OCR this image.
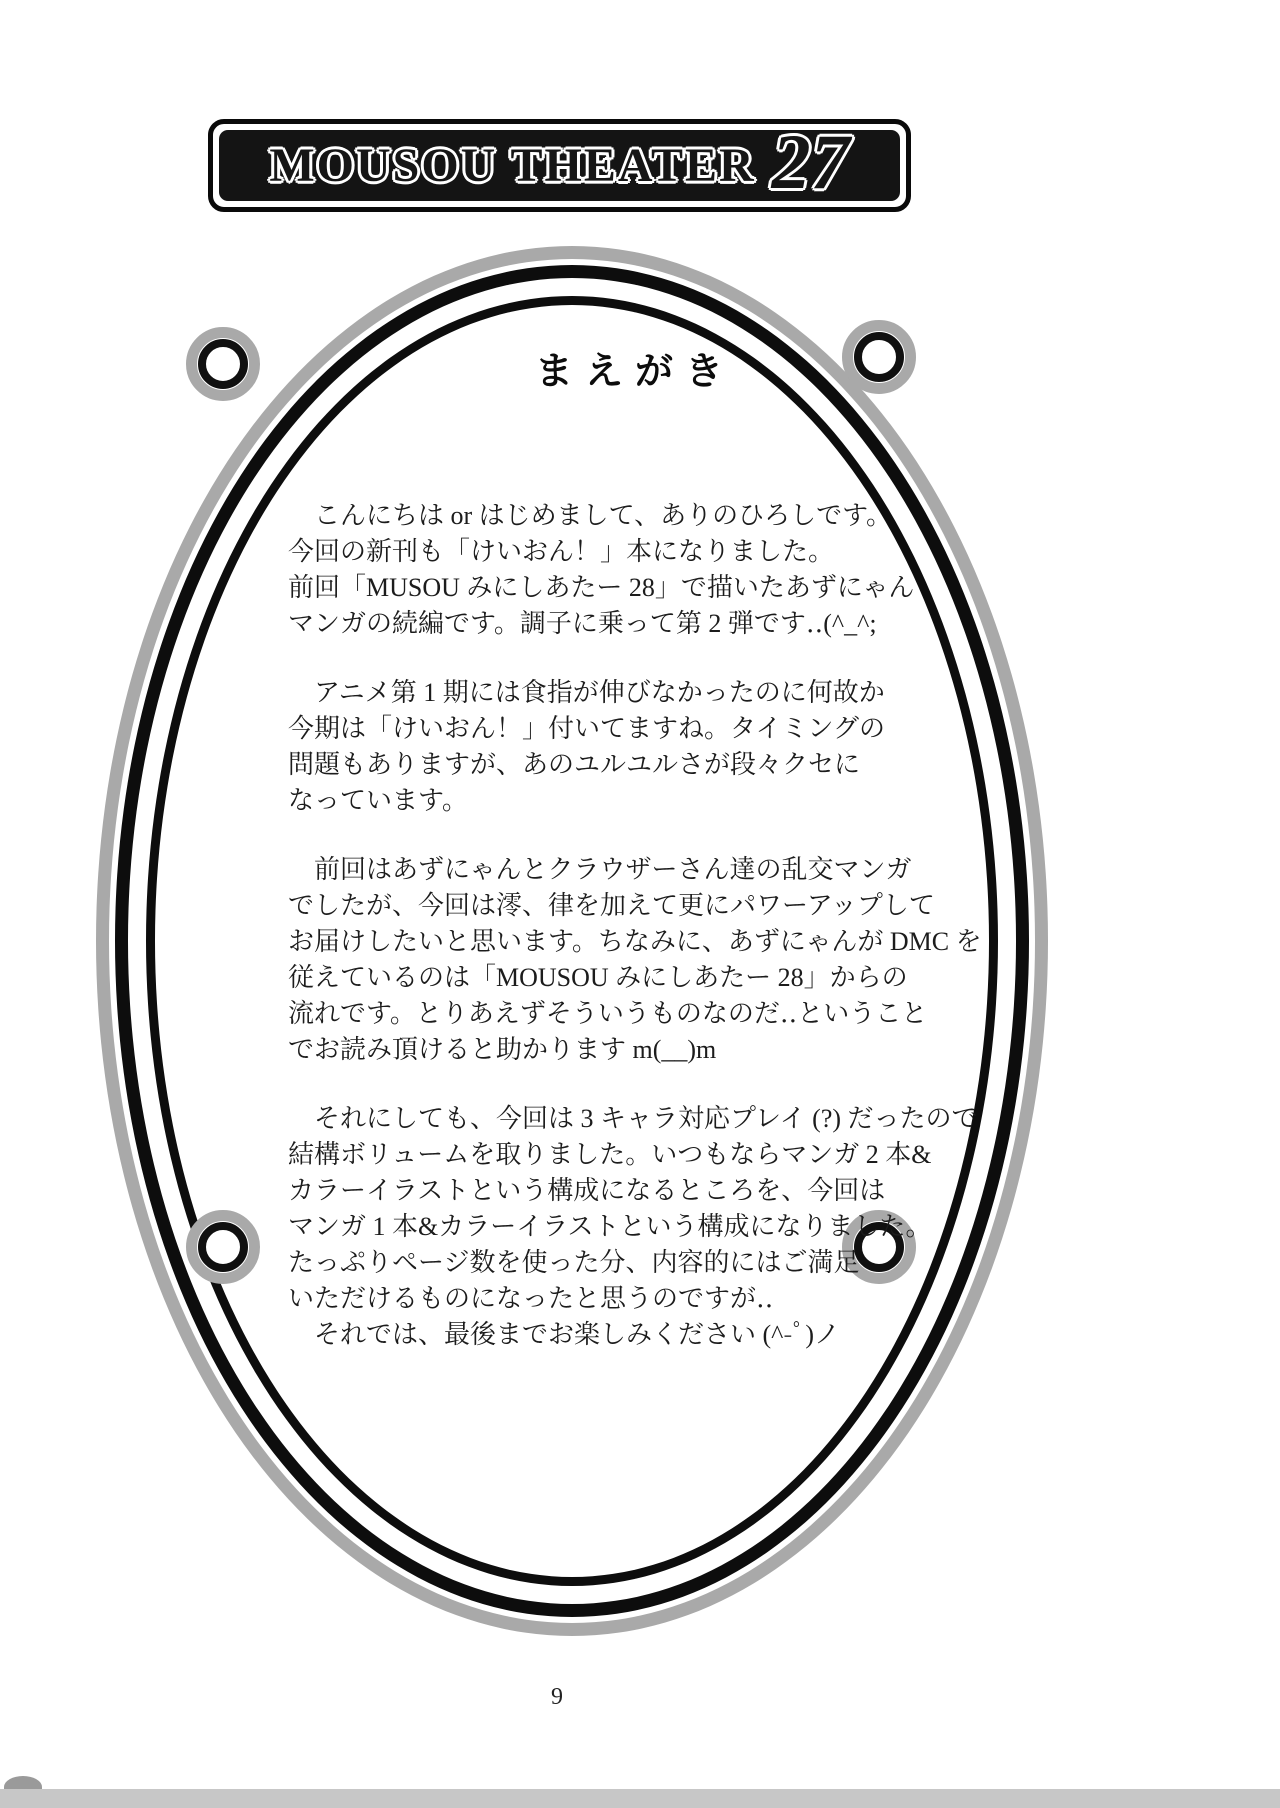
MOUSOU THEATER 27
まえがき
　こんにちは or はじめまして、ありのひろしです。
今回の新刊も「けいおん！」本になりました。
前回「MUSOU みにしあたー 28」で描いたあずにゃん
マンガの続編です。調子に乗って第 2 弾です‥(^_^;
　アニメ第 1 期には食指が伸びなかったのに何故か
今期は「けいおん！」付いてますね。タイミングの
問題もありますが、あのユルユルさが段々クセに
なっています。
　前回はあずにゃんとクラウザーさん達の乱交マンガ
でしたが、今回は澪、律を加えて更にパワーアップして
お届けしたいと思います。ちなみに、あずにゃんが DMC を
従えているのは「MOUSOU みにしあたー 28」からの
流れです。とりあえずそういうものなのだ‥ということ
でお読み頂けると助かります m(__)m
　それにしても、今回は 3 キャラ対応プレイ (?) だったので
結構ボリュームを取りました。いつもならマンガ 2 本&
カラーイラストという構成になるところを、今回は
マンガ 1 本&カラーイラストという構成になりました。
たっぷりページ数を使った分、内容的にはご満足
いただけるものになったと思うのですが‥
　それでは、最後までお楽しみください (^-ﾟ)ノ
9
